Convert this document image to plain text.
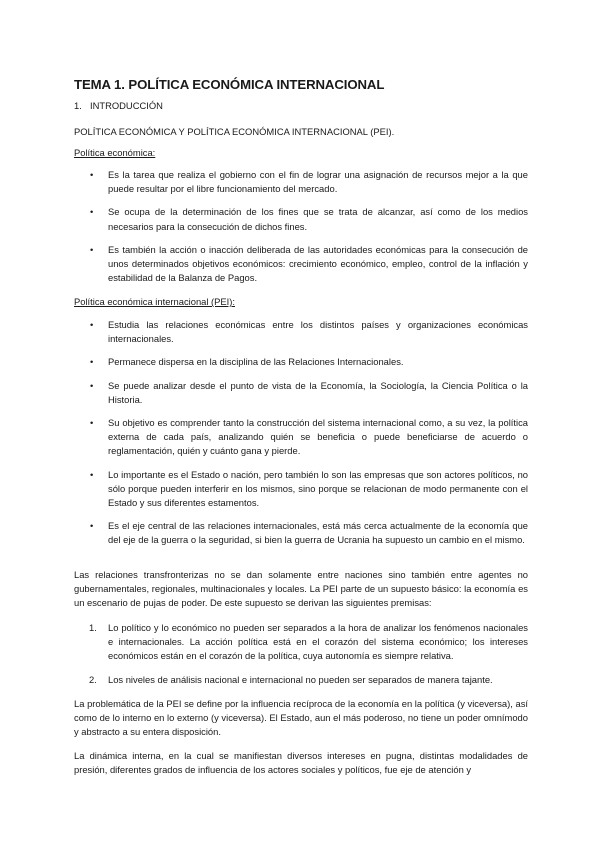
TEMA 1. POLÍTICA ECONÓMICA INTERNACIONAL

1. INTRODUCCIÓN

POLÍTICA ECONÓMICA Y POLÍTICA ECONÓMICA INTERNACIONAL (PEI).

Política económica:

• Es la tarea que realiza el gobierno con el fin de lograr una asignación de recursos mejor a la que puede resultar por el libre funcionamiento del mercado.
• Se ocupa de la determinación de los fines que se trata de alcanzar, así como de los medios necesarios para la consecución de dichos fines.
• Es también la acción o inacción deliberada de las autoridades económicas para la consecución de unos determinados objetivos económicos: crecimiento económico, empleo, control de la inflación y estabilidad de la Balanza de Pagos.

Política económica internacional (PEI):

• Estudia las relaciones económicas entre los distintos países y organizaciones económicas internacionales.
• Permanece dispersa en la disciplina de las Relaciones Internacionales.
• Se puede analizar desde el punto de vista de la Economía, la Sociología, la Ciencia Política o la Historia.
• Su objetivo es comprender tanto la construcción del sistema internacional como, a su vez, la política externa de cada país, analizando quién se beneficia o puede beneficiarse de acuerdo o reglamentación, quién y cuánto gana y pierde.
• Lo importante es el Estado o nación, pero también lo son las empresas que son actores políticos, no sólo porque pueden interferir en los mismos, sino porque se relacionan de modo permanente con el Estado y sus diferentes estamentos.
• Es el eje central de las relaciones internacionales, está más cerca actualmente de la economía que del eje de la guerra o la seguridad, si bien la guerra de Ucrania ha supuesto un cambio en el mismo.

Las relaciones transfronterizas no se dan solamente entre naciones sino también entre agentes no gubernamentales, regionales, multinacionales y locales. La PEI parte de un supuesto básico: la economía es un escenario de pujas de poder. De este supuesto se derivan las siguientes premisas:

1. Lo político y lo económico no pueden ser separados a la hora de analizar los fenómenos nacionales e internacionales. La acción política está en el corazón del sistema económico; los intereses económicos están en el corazón de la política, cuya autonomía es siempre relativa.
2. Los niveles de análisis nacional e internacional no pueden ser separados de manera tajante.

La problemática de la PEI se define por la influencia recíproca de la economía en la política (y viceversa), así como de lo interno en lo externo (y viceversa). El Estado, aun el más poderoso, no tiene un poder omnímodo y abstracto a su entera disposición.

La dinámica interna, en la cual se manifiestan diversos intereses en pugna, distintas modalidades de presión, diferentes grados de influencia de los actores sociales y políticos, fue eje de atención y
